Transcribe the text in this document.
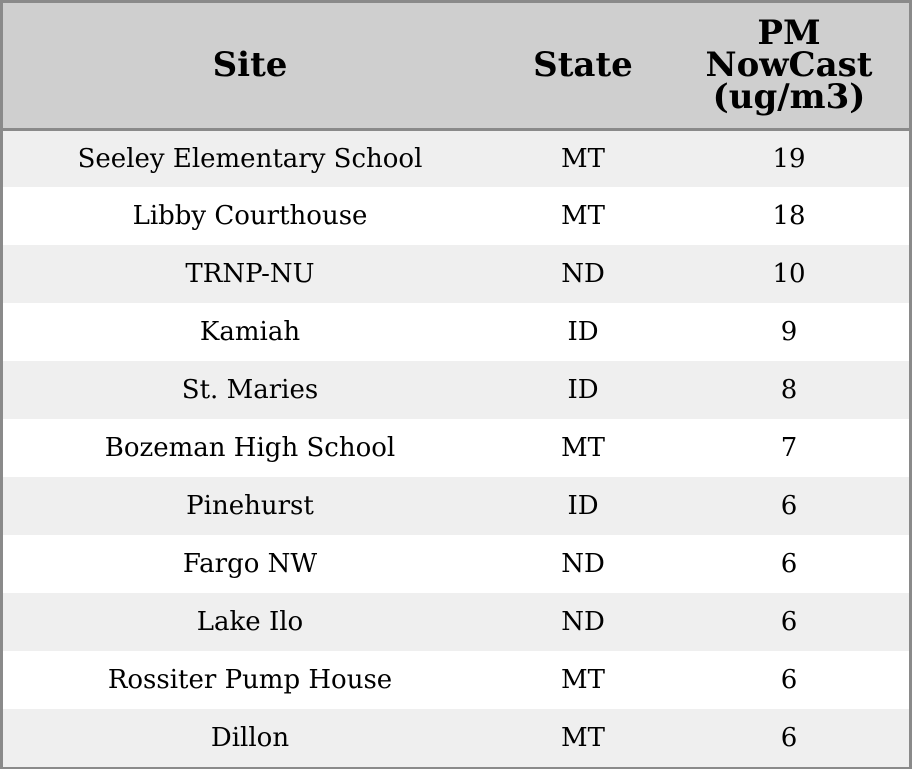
Site	State	PM
NowCast
(ug/m3)

Seeley Elementary School	MT	19
Libby Courthouse	MT	18
TRNP-NU	ND	10
Kamiah	ID	9
St. Maries	ID	8
Bozeman High School	MT	7
Pinehurst	ID	6
Fargo NW	ND	6
Lake Ilo	ND	6
Rossiter Pump House	MT	6
Dillon	MT	6
